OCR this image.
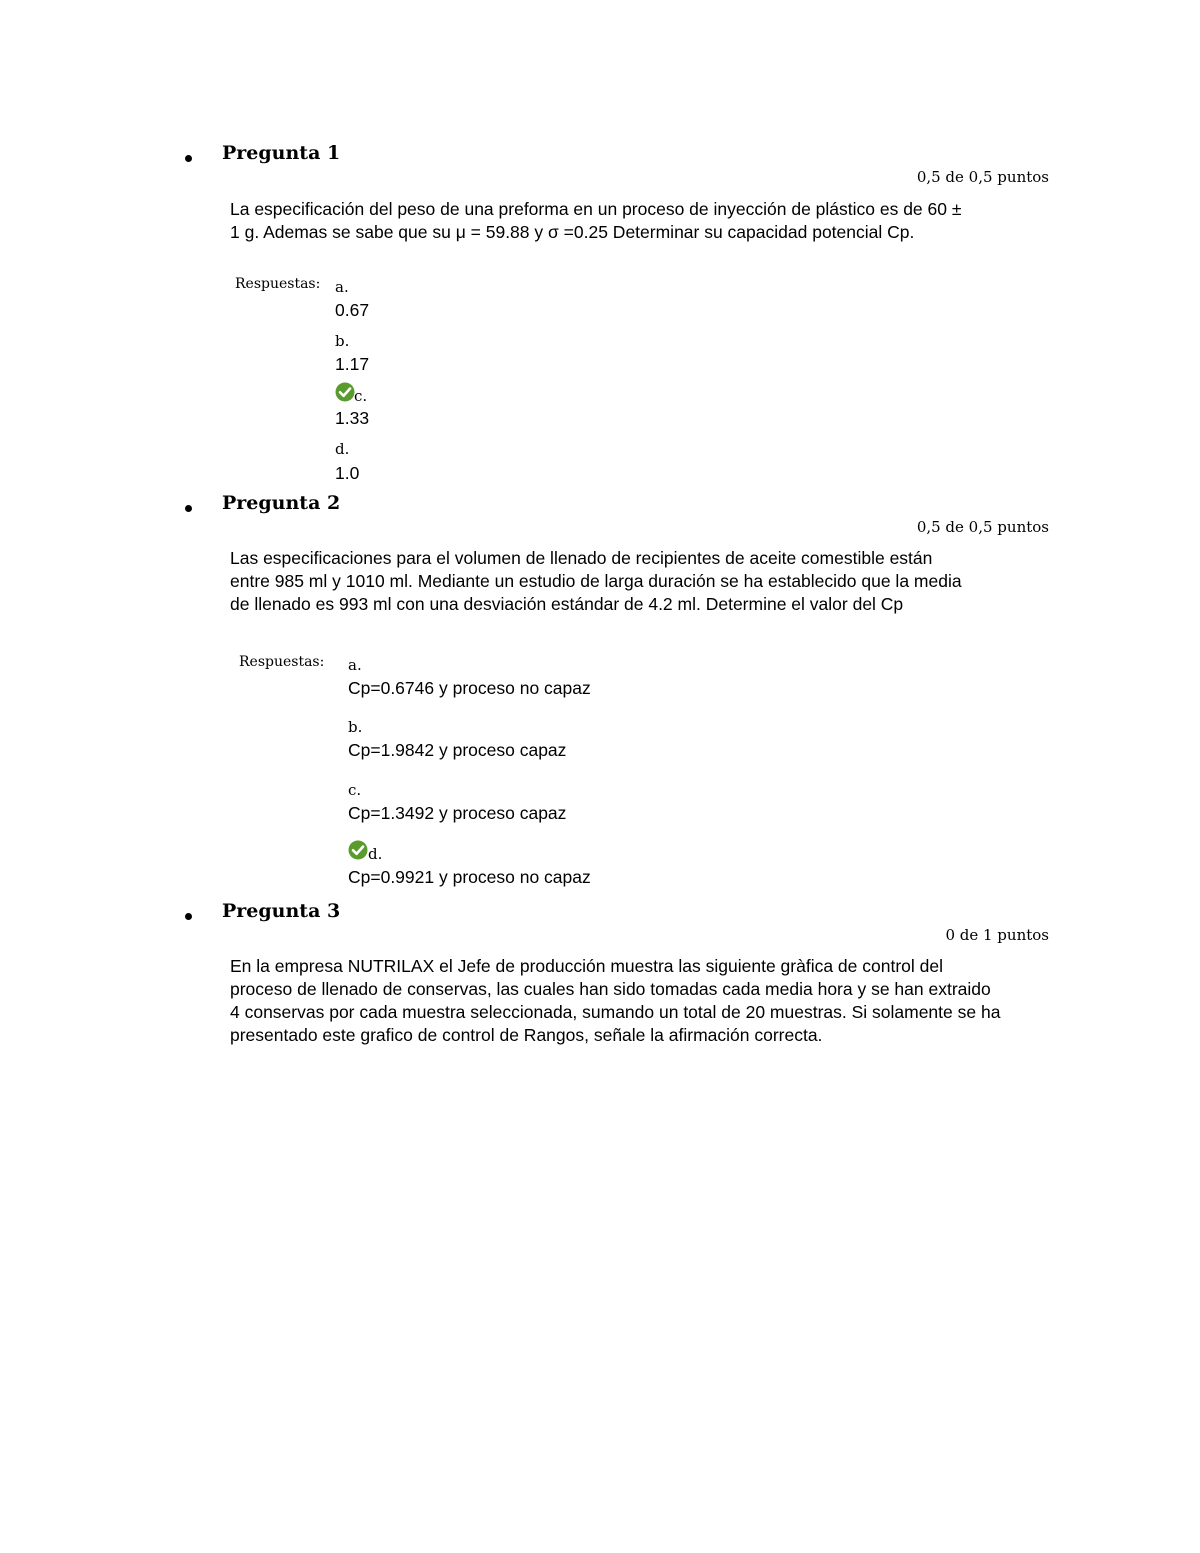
Pregunta 1
0,5 de 0,5 puntos
La especificación del peso de una preforma en un proceso de inyección de plástico es de 60 ±
1 g. Ademas se sabe que su μ = 59.88 y σ =0.25 Determinar su capacidad potencial Cp.
Respuestas: a.
0.67
b.
1.17
c.
1.33
d.
1.0
Pregunta 2
0,5 de 0,5 puntos
Las especificaciones para el volumen de llenado de recipientes de aceite comestible están
entre 985 ml y 1010 ml. Mediante un estudio de larga duración se ha establecido que la media
de llenado es 993 ml con una desviación estándar de 4.2 ml. Determine el valor del Cp
Respuestas: a.
Cp=0.6746 y proceso no capaz
b.
Cp=1.9842 y proceso capaz
c.
Cp=1.3492 y proceso capaz
d.
Cp=0.9921 y proceso no capaz
Pregunta 3
0 de 1 puntos
En la empresa NUTRILAX el Jefe de producción muestra las siguiente gràfica de control del
proceso de llenado de conservas, las cuales han sido tomadas cada media hora y se han extraido
4 conservas por cada muestra seleccionada, sumando un total de 20 muestras. Si solamente se ha
presentado este grafico de control de Rangos, señale la afirmación correcta.
